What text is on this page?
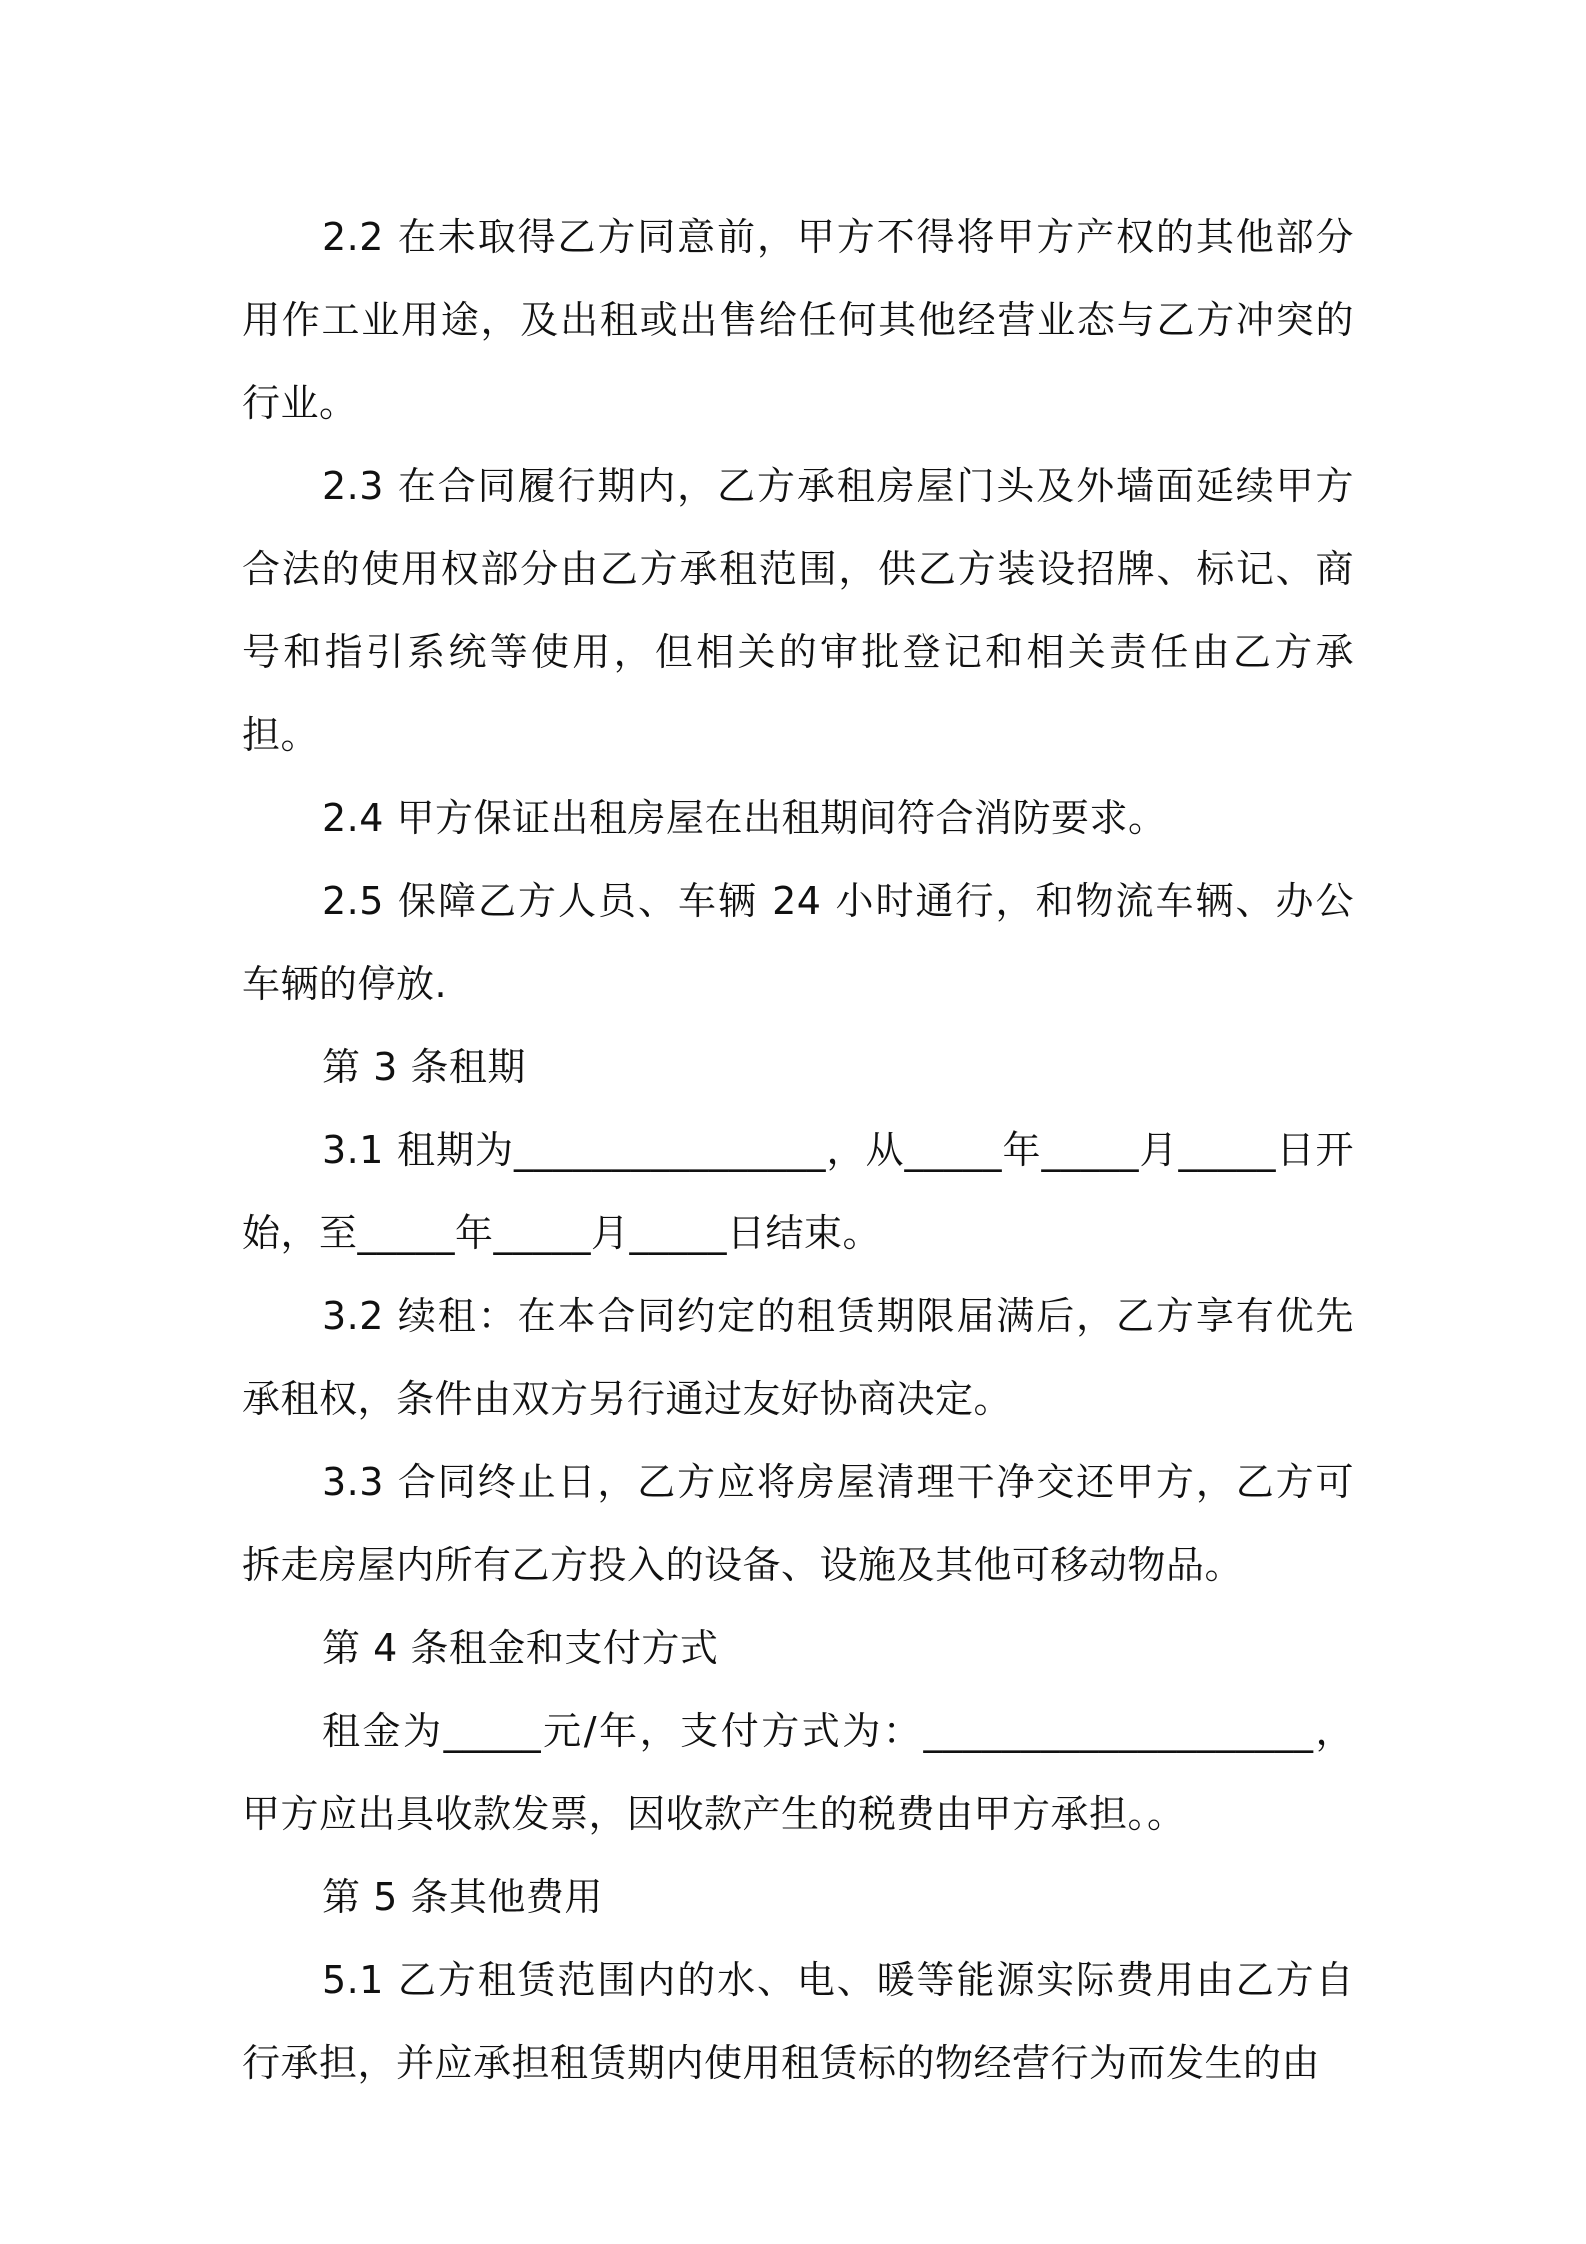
2.2 在未取得乙方同意前，甲方不得将甲方产权的其他部分用作工业用途，及出租或出售给任何其他经营业态与乙方冲突的行业。

2.3 在合同履行期内，乙方承租房屋门头及外墙面延续甲方合法的使用权部分由乙方承租范围，供乙方装设招牌、标记、商号和指引系统等使用，但相关的审批登记和相关责任由乙方承担。

2.4 甲方保证出租房屋在出租期间符合消防要求。

2.5 保障乙方人员、车辆 24 小时通行，和物流车辆、办公车辆的停放.

第 3 条租期

3.1 租期为________________，从_____年_____月_____日开始，至_____年_____月_____日结束。

3.2 续租：在本合同约定的租赁期限届满后，乙方享有优先承租权，条件由双方另行通过友好协商决定。

3.3 合同终止日，乙方应将房屋清理干净交还甲方，乙方可拆走房屋内所有乙方投入的设备、设施及其他可移动物品。

第 4 条租金和支付方式

租金为_____元/年，支付方式为：____________________，甲方应出具收款发票，因收款产生的税费由甲方承担。。

第 5 条其他费用

5.1 乙方租赁范围内的水、电、暖等能源实际费用由乙方自行承担，并应承担租赁期内使用租赁标的物经营行为而发生的由
